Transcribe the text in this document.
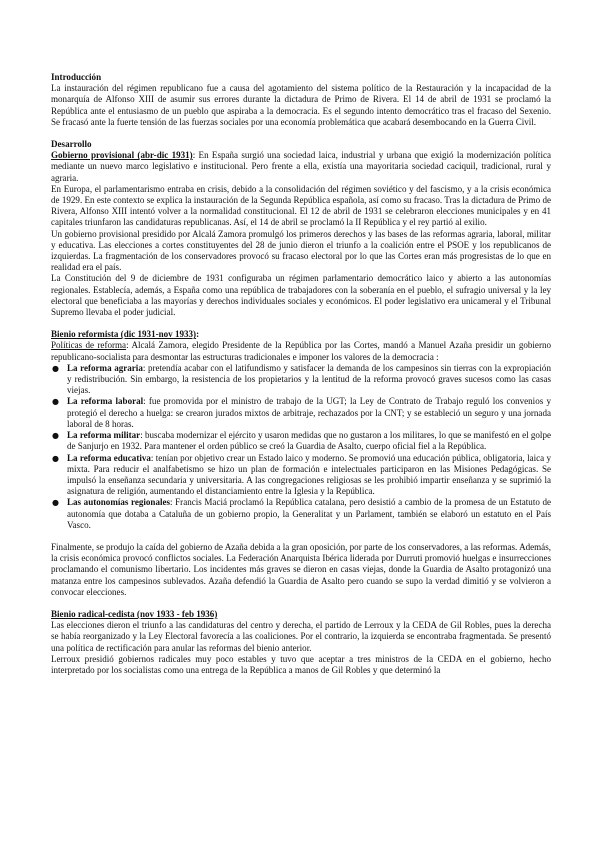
Introducción

La instauración del régimen republicano fue a causa del agotamiento del sistema político de la Restauración y la incapacidad de la monarquía de Alfonso XIII de asumir sus errores durante la dictadura de Primo de Rivera. El 14 de abril de 1931 se proclamó la República ante el entusiasmo de un pueblo que aspiraba a la democracia. Es el segundo intento democrático tras el fracaso del Sexenio. Se fracasó ante la fuerte tensión de las fuerzas sociales por una economía problemática que acabará desembocando en la Guerra Civil.

Desarrollo

Gobierno provisional (abr-dic 1931): En España surgió una sociedad laica, industrial y urbana que exigió la modernización política mediante un nuevo marco legislativo e institucional. Pero frente a ella, existía una mayoritaria sociedad caciquil, tradicional, rural y agraria.

En Europa, el parlamentarismo entraba en crisis, debido a la consolidación del régimen soviético y del fascismo, y a la crisis económica de 1929. En este contexto se explica la instauración de la Segunda República española, así como su fracaso. Tras la dictadura de Primo de Rivera, Alfonso XIII intentó volver a la normalidad constitucional. El 12 de abril de 1931 se celebraron elecciones municipales y en 41 capitales triunfaron las candidaturas republicanas. Así, el 14 de abril se proclamó la II República y el rey partió al exilio.

Un gobierno provisional presidido por Alcalá Zamora promulgó los primeros derechos y las bases de las reformas agraria, laboral, militar y educativa. Las elecciones a cortes constituyentes del 28 de junio dieron el triunfo a la coalición entre el PSOE y los republicanos de izquierdas. La fragmentación de los conservadores provocó su fracaso electoral por lo que las Cortes eran más progresistas de lo que en realidad era el país.

La Constitución del 9 de diciembre de 1931 configuraba un régimen parlamentario democrático laico y abierto a las autonomías regionales. Establecía, además, a España como una república de trabajadores con la soberanía en el pueblo, el sufragio universal y la ley electoral que beneficiaba a las mayorías y derechos individuales sociales y económicos. El poder legislativo era unicameral y el Tribunal Supremo llevaba el poder judicial.

Bienio reformista (dic 1931-nov 1933):

Políticas de reforma: Alcalá Zamora, elegido Presidente de la República por las Cortes, mandó a Manuel Azaña presidir un gobierno republicano-socialista para desmontar las estructuras tradicionales e imponer los valores de la democracia :

● La reforma agraria: pretendía acabar con el latifundismo y satisfacer la demanda de los campesinos sin tierras con la expropiación y redistribución. Sin embargo, la resistencia de los propietarios y la lentitud de la reforma provocó graves sucesos como las casas viejas.
● La reforma laboral: fue promovida por el ministro de trabajo de la UGT; la Ley de Contrato de Trabajo reguló los convenios y protegió el derecho a huelga: se crearon jurados mixtos de arbitraje, rechazados por la CNT; y se estableció un seguro y una jornada laboral de 8 horas.
● La reforma militar: buscaba modernizar el ejército y usaron medidas que no gustaron a los militares, lo que se manifestó en el golpe de Sanjurjo en 1932. Para mantener el orden público se creó la Guardia de Asalto, cuerpo oficial fiel a la República.
● La reforma educativa: tenían por objetivo crear un Estado laico y moderno. Se promovió una educación pública, obligatoria, laica y mixta. Para reducir el analfabetismo se hizo un plan de formación e intelectuales participaron en las Misiones Pedagógicas. Se impulsó la enseñanza secundaria y universitaria. A las congregaciones religiosas se les prohibió impartir enseñanza y se suprimió la asignatura de religión, aumentando el distanciamiento entre la Iglesia y la República.
● Las autonomías regionales: Francis Maciá proclamó la República catalana, pero desistió a cambio de la promesa de un Estatuto de autonomía que dotaba a Cataluña de un gobierno propio, la Generalitat y un Parlament, también se elaboró un estatuto en el País Vasco.

Finalmente, se produjo la caída del gobierno de Azaña debida a la gran oposición, por parte de los conservadores, a las reformas. Además, la crisis económica provocó conflictos sociales. La Federación Anarquista Ibérica liderada por Durruti promovió huelgas e insurrecciones proclamando el comunismo libertario. Los incidentes más graves se dieron en casas viejas, donde la Guardia de Asalto protagonizó una matanza entre los campesinos sublevados. Azaña defendió la Guardia de Asalto pero cuando se supo la verdad dimitió y se volvieron a convocar elecciones.

Bienio radical-cedista (nov 1933 - feb 1936)

Las elecciones dieron el triunfo a las candidaturas del centro y derecha, el partido de Lerroux y la CEDA de Gil Robles, pues la derecha se había reorganizado y la Ley Electoral favorecía a las coaliciones. Por el contrario, la izquierda se encontraba fragmentada. Se presentó una política de rectificación para anular las reformas del bienio anterior.

Lerroux presidió gobiernos radicales muy poco estables y tuvo que aceptar a tres ministros de la CEDA en el gobierno, hecho interpretado por los socialistas como una entrega de la República a manos de Gil Robles y que determinó la
